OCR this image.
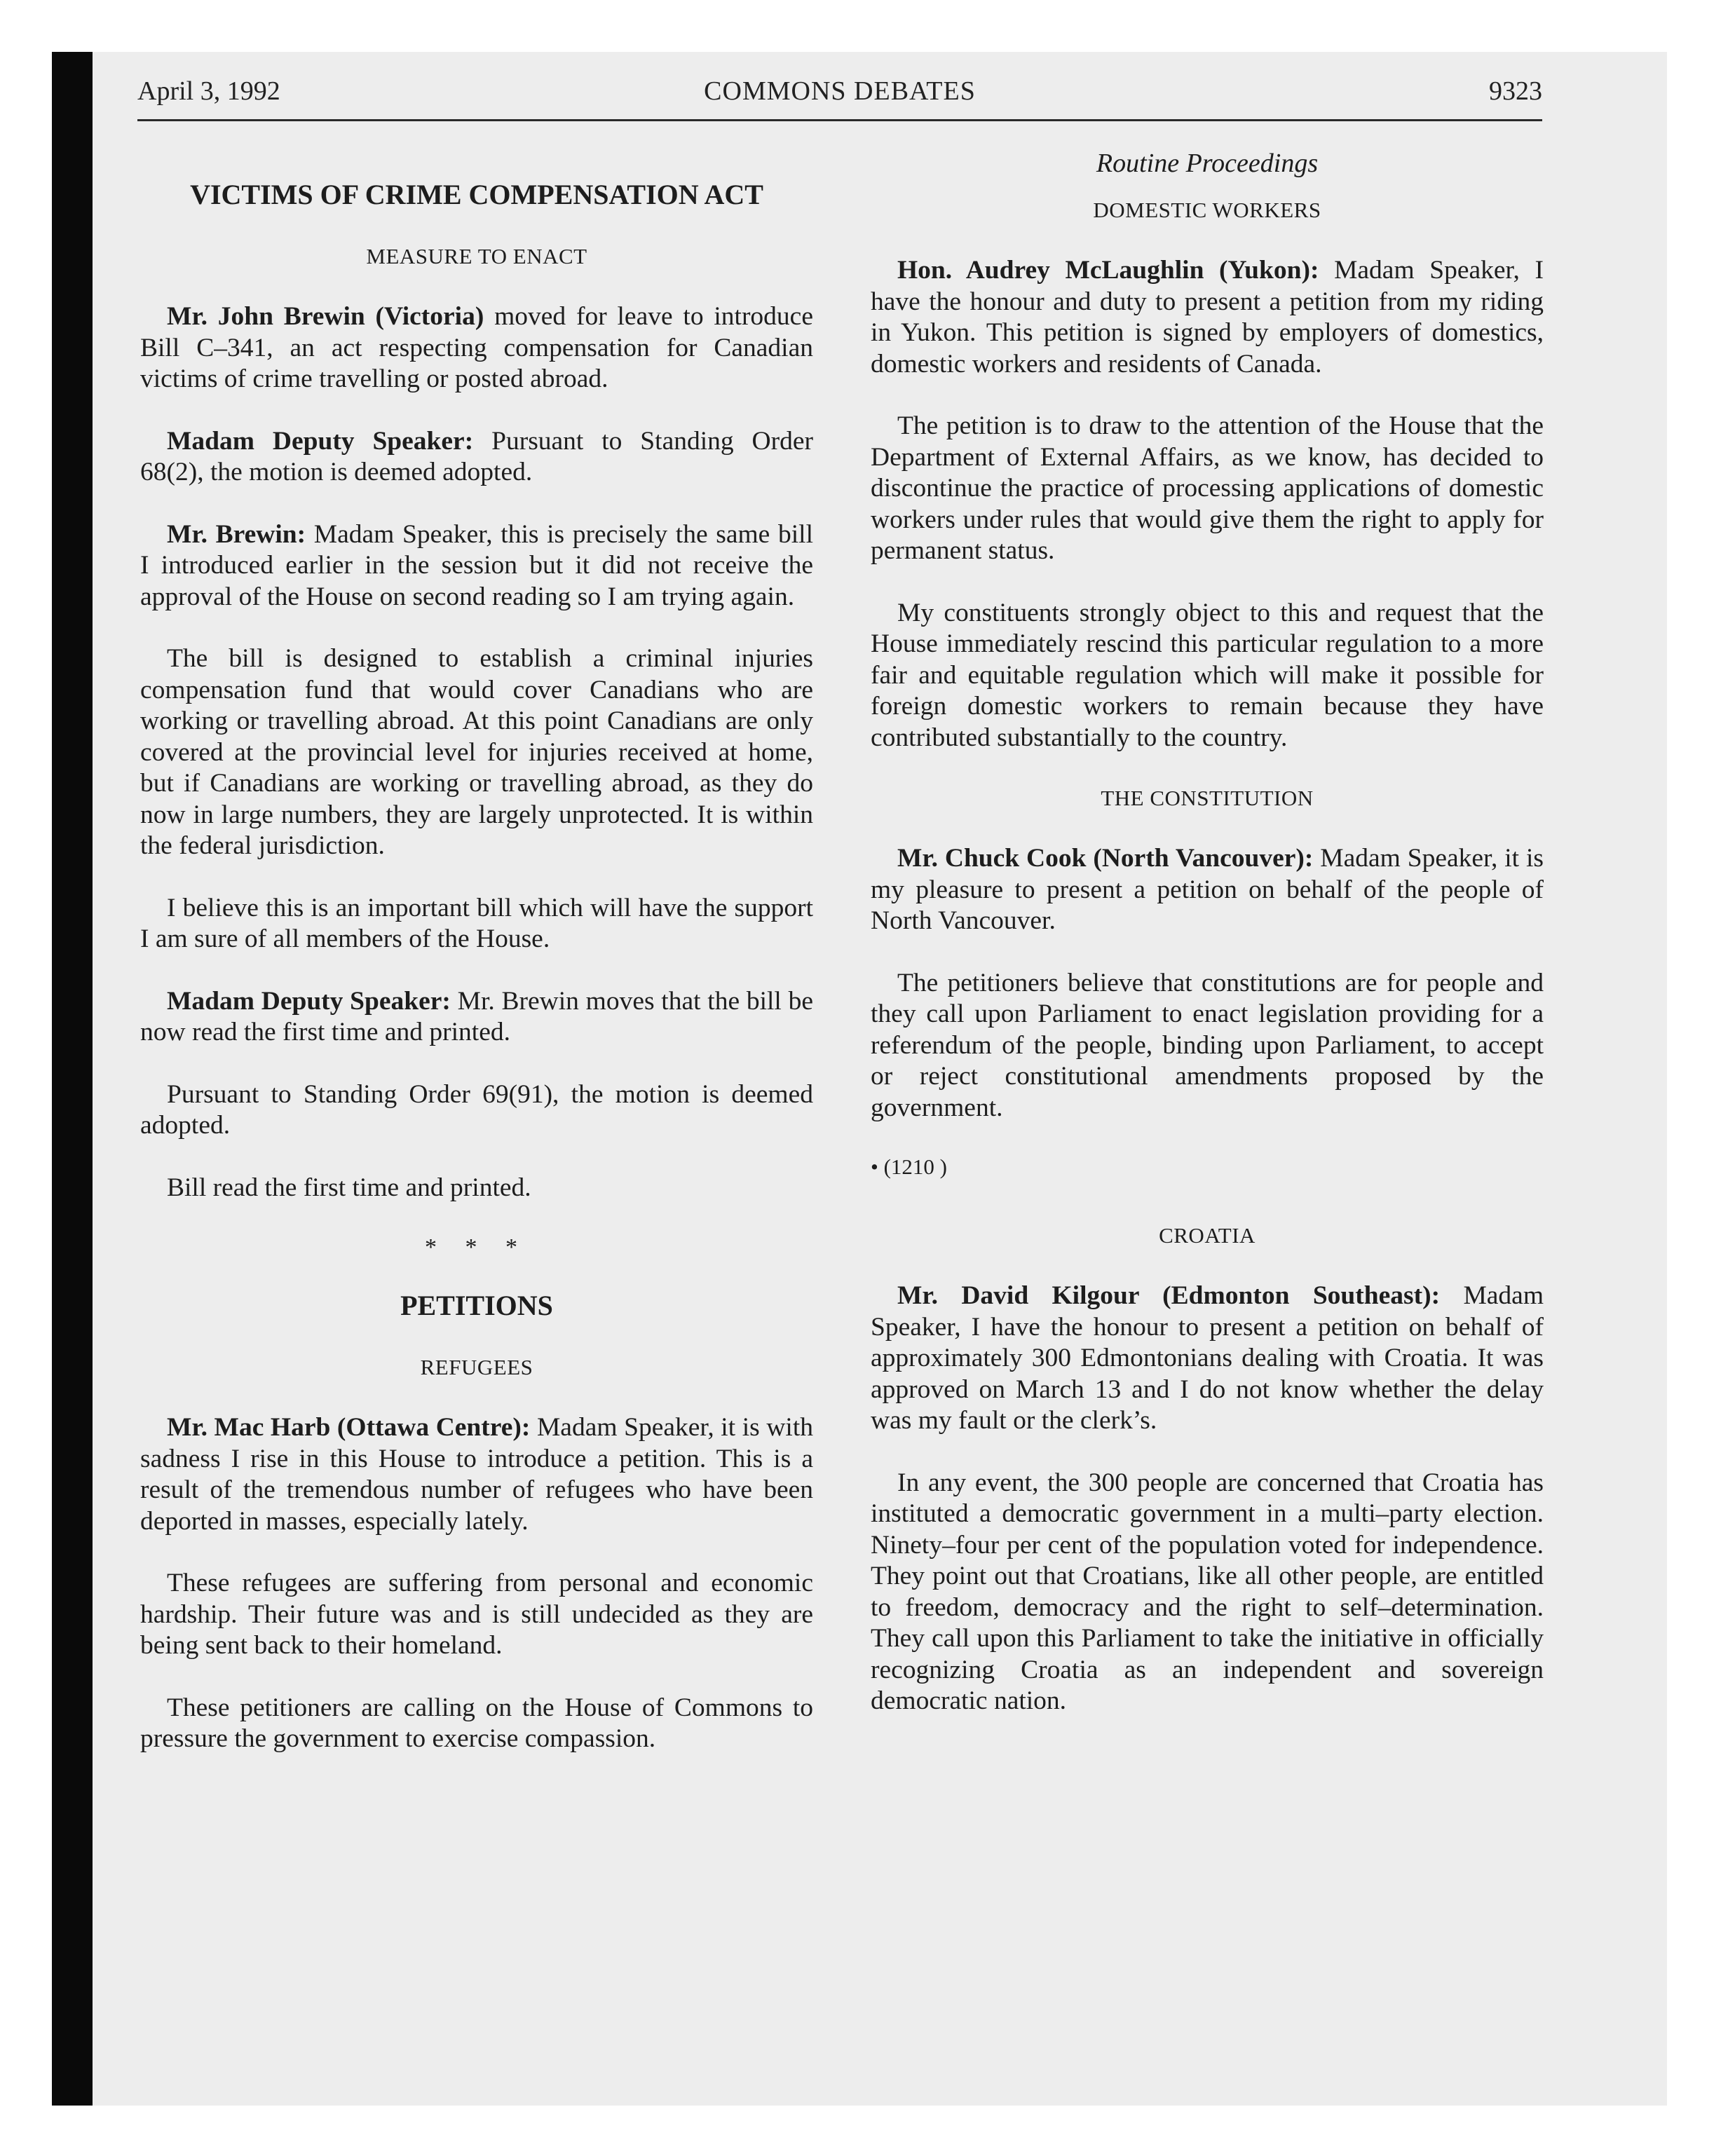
April 3, 1992	COMMONS DEBATES	9323
VICTIMS OF CRIME COMPENSATION ACT
MEASURE TO ENACT

Mr. John Brewin (Victoria) moved for leave to introduce Bill C–341, an act respecting compensation for Canadian victims of crime travelling or posted abroad.

Madam Deputy Speaker: Pursuant to Standing Order 68(2), the motion is deemed adopted.

Mr. Brewin: Madam Speaker, this is precisely the same bill I introduced earlier in the session but it did not receive the approval of the House on second reading so I am trying again.

The bill is designed to establish a criminal injuries compensation fund that would cover Canadians who are working or travelling abroad. At this point Canadians are only covered at the provincial level for injuries received at home, but if Canadians are working or travelling abroad, as they do now in large numbers, they are largely unprotected. It is within the federal jurisdiction.

I believe this is an important bill which will have the support I am sure of all members of the House.

Madam Deputy Speaker: Mr. Brewin moves that the bill be now read the first time and printed.

Pursuant to Standing Order 69(91), the motion is deemed adopted.

Bill read the first time and printed.

* * *
PETITIONS
REFUGEES

Mr. Mac Harb (Ottawa Centre): Madam Speaker, it is with sadness I rise in this House to introduce a petition. This is a result of the tremendous number of refugees who have been deported in masses, especially lately.

These refugees are suffering from personal and economic hardship. Their future was and is still undecided as they are being sent back to their homeland.

These petitioners are calling on the House of Commons to pressure the government to exercise compassion.

Routine Proceedings
DOMESTIC WORKERS

Hon. Audrey McLaughlin (Yukon): Madam Speaker, I have the honour and duty to present a petition from my riding in Yukon. This petition is signed by employers of domestics, domestic workers and residents of Canada.

The petition is to draw to the attention of the House that the Department of External Affairs, as we know, has decided to discontinue the practice of processing applications of domestic workers under rules that would give them the right to apply for permanent status.

My constituents strongly object to this and request that the House immediately rescind this particular regulation to a more fair and equitable regulation which will make it possible for foreign domestic workers to remain because they have contributed substantially to the country.

THE CONSTITUTION

Mr. Chuck Cook (North Vancouver): Madam Speaker, it is my pleasure to present a petition on behalf of the people of North Vancouver.

The petitioners believe that constitutions are for people and they call upon Parliament to enact legislation providing for a referendum of the people, binding upon Parliament, to accept or reject constitutional amendments proposed by the government.

• (1210 )
CROATIA

Mr. David Kilgour (Edmonton Southeast): Madam Speaker, I have the honour to present a petition on behalf of approximately 300 Edmontonians dealing with Croatia. It was approved on March 13 and I do not know whether the delay was my fault or the clerk’s.

In any event, the 300 people are concerned that Croatia has instituted a democratic government in a multi–party election. Ninety–four per cent of the population voted for independence. They point out that Croatians, like all other people, are entitled to freedom, democracy and the right to self–determination. They call upon this Parliament to take the initiative in officially recognizing Croatia as an independent and sovereign democratic nation.
